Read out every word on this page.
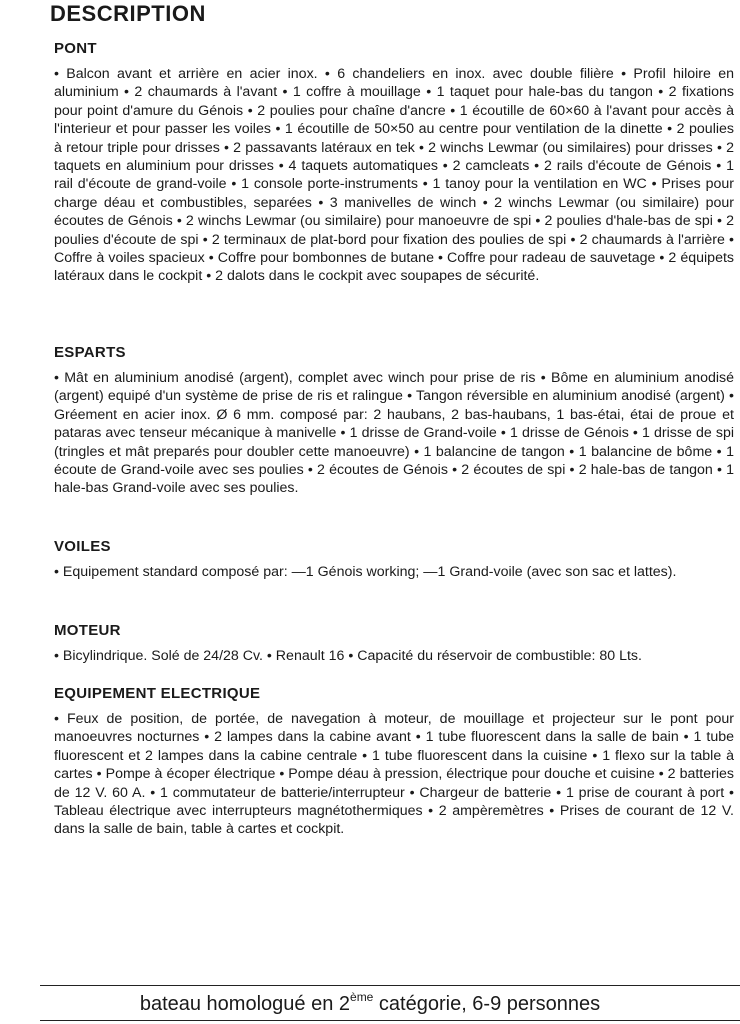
DESCRIPTION
PONT

• Balcon avant et arrière en acier inox. • 6 chandeliers en inox. avec double filière • Profil hiloire en aluminium • 2 chaumards à l'avant • 1 coffre à mouillage • 1 taquet pour hale-bas du tangon • 2 fixations pour point d'amure du Génois • 2 poulies pour chaîne d'ancre • 1 écoutille de 60×60 à l'avant pour accès à l'interieur et pour passer les voiles • 1 écoutille de 50×50 au centre pour ventilation de la dinette • 2 poulies à retour triple pour drisses • 2 passavants latéraux en tek • 2 winchs Lewmar (ou similaires) pour drisses • 2 taquets en aluminium pour drisses • 4 taquets automatiques • 2 camcleats • 2 rails d'écoute de Génois • 1 rail d'écoute de grand-voile • 1 console porte-instruments • 1 tanoy pour la ventilation en WC • Prises pour charge déau et combustibles, separées • 3 manivelles de winch • 2 winchs Lewmar (ou similaire) pour écoutes de Génois • 2 winchs Lewmar (ou similaire) pour manoeuvre de spi • 2 poulies d'hale-bas de spi • 2 poulies d'écoute de spi • 2 terminaux de plat-bord pour fixation des poulies de spi • 2 chaumards à l'arrière • Coffre à voiles spacieux • Coffre pour bombonnes de butane • Coffre pour radeau de sauvetage • 2 équipets latéraux dans le cockpit • 2 dalots dans le cockpit avec soupapes de sécurité.

ESPARTS

• Mât en aluminium anodisé (argent), complet avec winch pour prise de ris • Bôme en aluminium anodisé (argent) equipé d'un système de prise de ris et ralingue • Tangon réversible en aluminium anodisé (argent) • Gréement en acier inox. Ø 6 mm. composé par: 2 haubans, 2 bas-haubans, 1 bas-étai, étai de proue et pataras avec tenseur mécanique à manivelle • 1 drisse de Grand-voile • 1 drisse de Génois • 1 drisse de spi (tringles et mât preparés pour doubler cette manoeuvre) • 1 balancine de tangon • 1 balancine de bôme • 1 écoute de Grand-voile avec ses poulies • 2 écoutes de Génois • 2 écoutes de spi • 2 hale-bas de tangon • 1 hale-bas Grand-voile avec ses poulies.

VOILES

• Equipement standard composé par: —1 Génois working; —1 Grand-voile (avec son sac et lattes).

MOTEUR

• Bicylindrique. Solé de 24/28 Cv. • Renault 16 • Capacité du réservoir de combustible: 80 Lts.

EQUIPEMENT ELECTRIQUE

• Feux de position, de portée, de navegation à moteur, de mouillage et projecteur sur le pont pour manoeuvres nocturnes • 2 lampes dans la cabine avant • 1 tube fluorescent dans la salle de bain • 1 tube fluorescent et 2 lampes dans la cabine centrale • 1 tube fluorescent dans la cuisine • 1 flexo sur la table à cartes • Pompe à écoper électrique • Pompe déau à pression, électrique pour douche et cuisine • 2 batteries de 12 V. 60 A. • 1 commutateur de batterie/interrupteur • Chargeur de batterie • 1 prise de courant à port • Tableau électrique avec interrupteurs magnétothermiques • 2 ampèremètres • Prises de courant de 12 V. dans la salle de bain, table à cartes et cockpit.

bateau homologué en 2ème catégorie, 6-9 personnes
